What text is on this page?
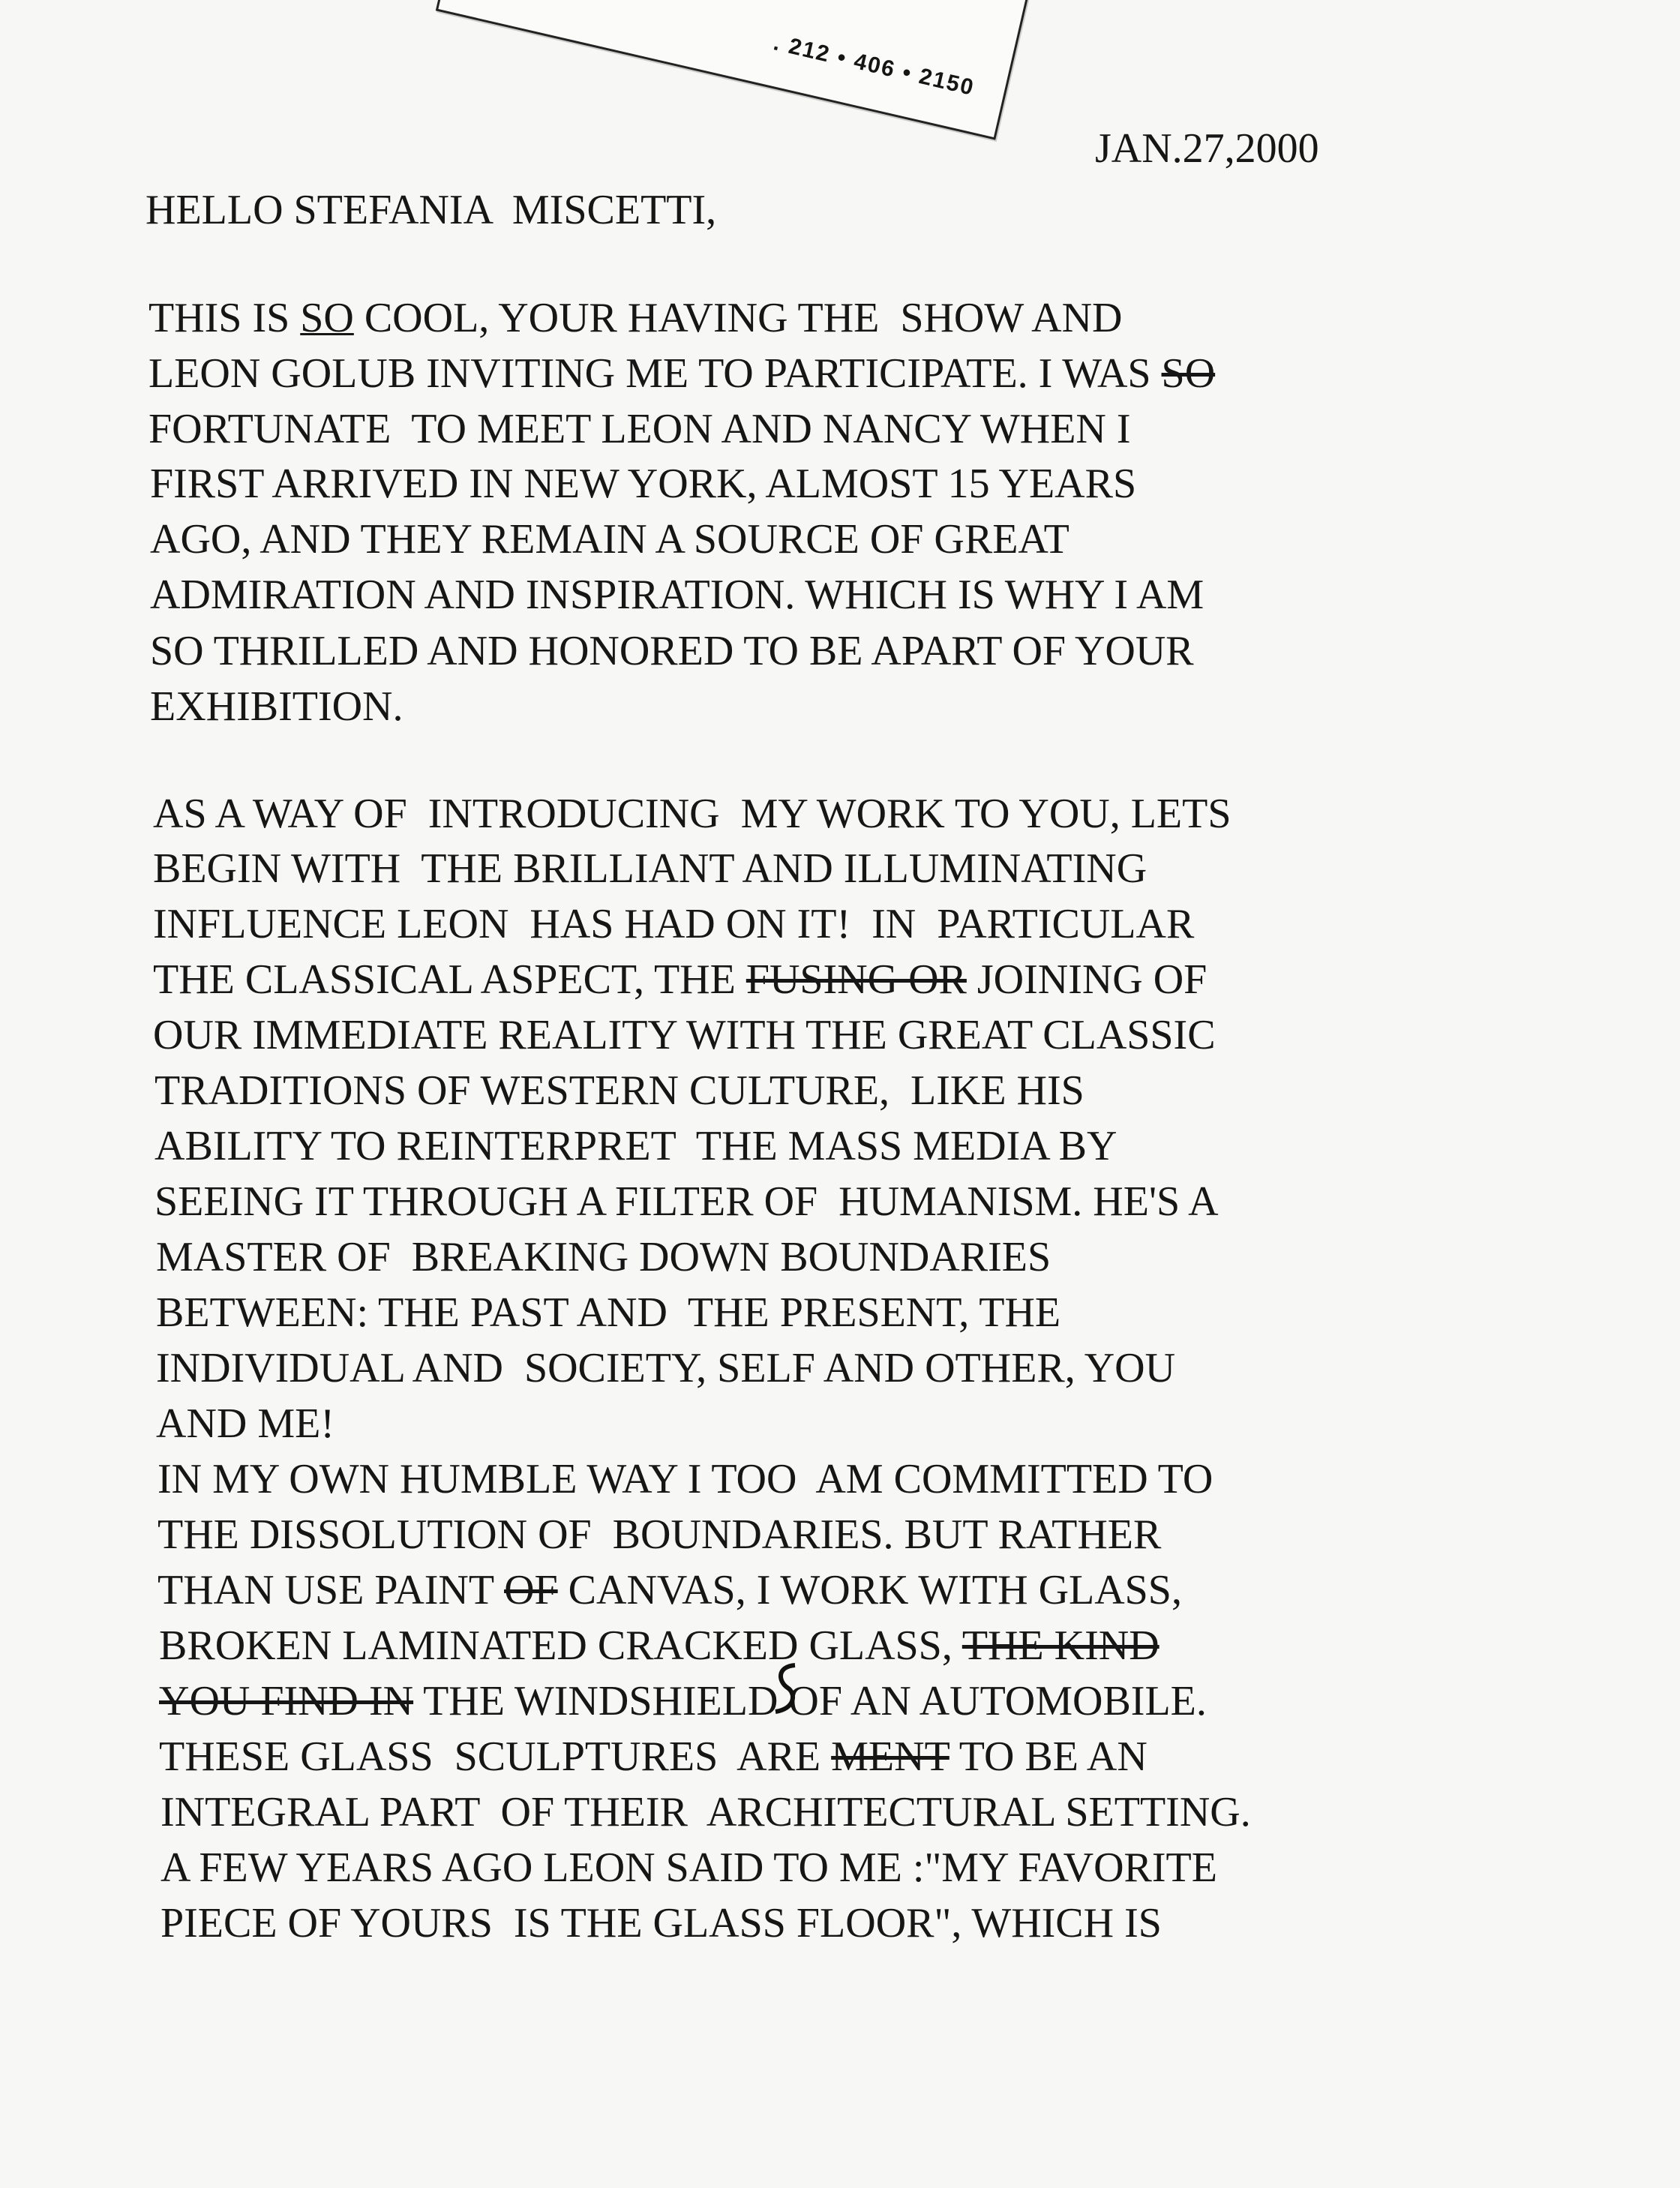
. 212 • 406 • 2150
JAN.27,2000
HELLO STEFANIA  MISCETTI,
THIS IS SO COOL, YOUR HAVING THE  SHOW AND
LEON GOLUB INVITING ME TO PARTICIPATE. I WAS SO
FORTUNATE  TO MEET LEON AND NANCY WHEN I
FIRST ARRIVED IN NEW YORK, ALMOST 15 YEARS
AGO, AND THEY REMAIN A SOURCE OF GREAT
ADMIRATION AND INSPIRATION. WHICH IS WHY I AM
SO THRILLED AND HONORED TO BE APART OF YOUR
EXHIBITION.
AS A WAY OF  INTRODUCING  MY WORK TO YOU, LETS
BEGIN WITH  THE BRILLIANT AND ILLUMINATING
INFLUENCE LEON  HAS HAD ON IT!  IN  PARTICULAR
THE CLASSICAL ASPECT, THE FUSING OR JOINING OF
OUR IMMEDIATE REALITY WITH THE GREAT CLASSIC
TRADITIONS OF WESTERN CULTURE,  LIKE HIS
ABILITY TO REINTERPRET  THE MASS MEDIA BY
SEEING IT THROUGH A FILTER OF  HUMANISM. HE'S A
MASTER OF  BREAKING DOWN BOUNDARIES
BETWEEN: THE PAST AND  THE PRESENT, THE
INDIVIDUAL AND  SOCIETY, SELF AND OTHER, YOU
AND ME!
IN MY OWN HUMBLE WAY I TOO  AM COMMITTED TO
THE DISSOLUTION OF  BOUNDARIES. BUT RATHER
THAN USE PAINT OF CANVAS, I WORK WITH GLASS,
BROKEN LAMINATED CRACKED GLASS, THE KIND
YOU FIND IN THE WINDSHIELD OF AN AUTOMOBILE.
THESE GLASS  SCULPTURES  ARE MENT TO BE AN
INTEGRAL PART  OF THEIR  ARCHITECTURAL SETTING.
A FEW YEARS AGO LEON SAID TO ME :"MY FAVORITE
PIECE OF YOURS  IS THE GLASS FLOOR", WHICH IS
